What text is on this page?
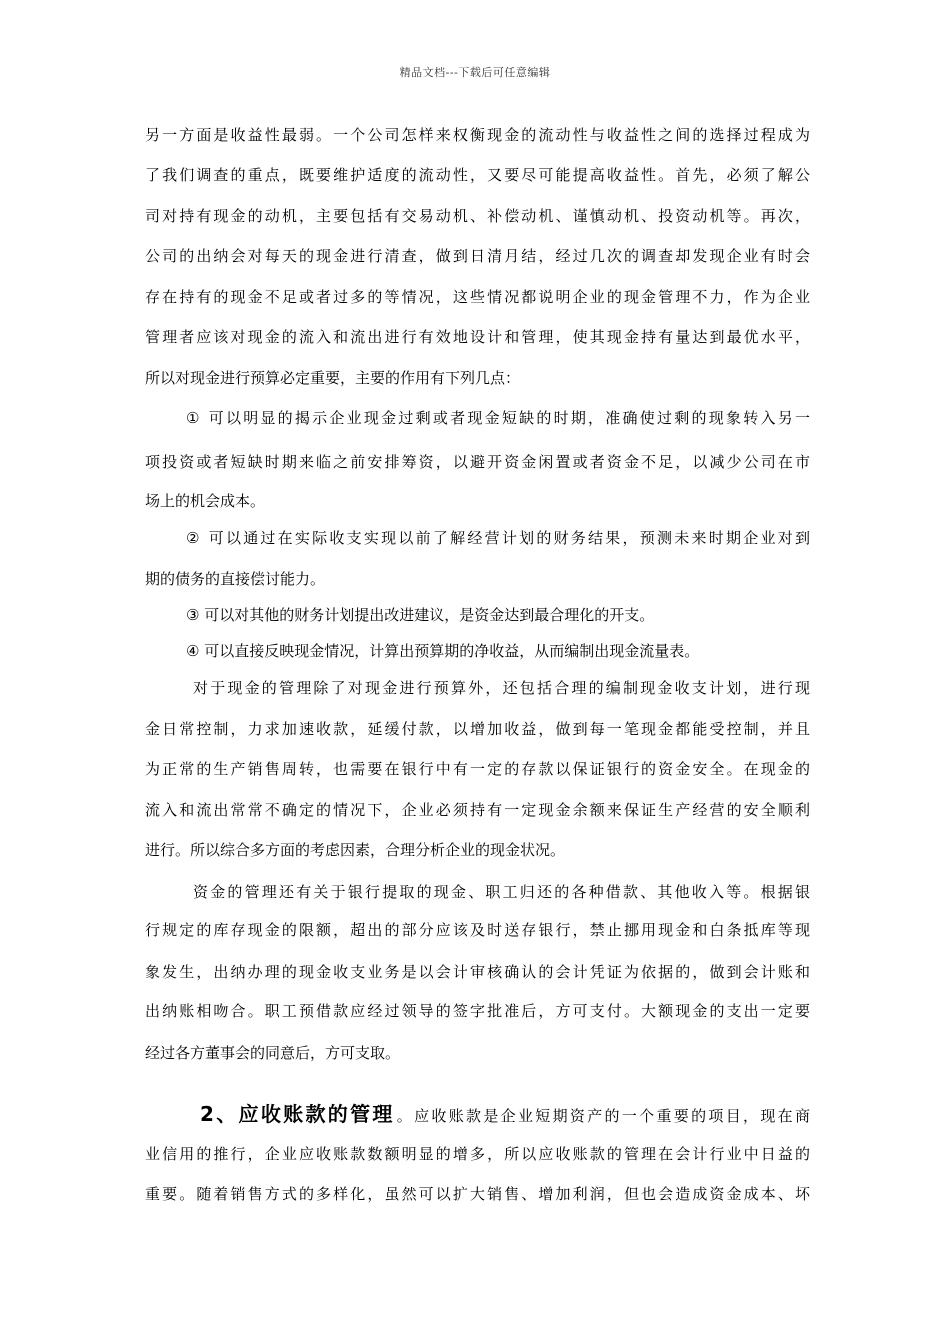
精品文档---下载后可任意编辑
另一方面是收益性最弱。一个公司怎样来权衡现金的流动性与收益性之间的选择过程成为
了我们调查的重点，既要维护适度的流动性，又要尽可能提高收益性。首先，必须了解公
司对持有现金的动机，主要包括有交易动机、补偿动机、谨慎动机、投资动机等。再次，
公司的出纳会对每天的现金进行清查，做到日清月结，经过几次的调查却发现企业有时会
存在持有的现金不足或者过多的等情况，这些情况都说明企业的现金管理不力，作为企业
管理者应该对现金的流入和流出进行有效地设计和管理，使其现金持有量达到最优水平，
所以对现金进行预算必定重要，主要的作用有下列几点：
① 可以明显的揭示企业现金过剩或者现金短缺的时期，准确使过剩的现象转入另一
项投资或者短缺时期来临之前安排筹资，以避开资金闲置或者资金不足，以减少公司在市
场上的机会成本。
② 可以通过在实际收支实现以前了解经营计划的财务结果，预测未来时期企业对到
期的债务的直接偿讨能力。
③ 可以对其他的财务计划提出改进建议，是资金达到最合理化的开支。
④ 可以直接反映现金情况，计算出预算期的净收益，从而编制出现金流量表。
对于现金的管理除了对现金进行预算外，还包括合理的编制现金收支计划，进行现
金日常控制，力求加速收款，延缓付款，以增加收益，做到每一笔现金都能受控制，并且
为正常的生产销售周转，也需要在银行中有一定的存款以保证银行的资金安全。在现金的
流入和流出常常不确定的情况下，企业必须持有一定现金余额来保证生产经营的安全顺利
进行。所以综合多方面的考虑因素，合理分析企业的现金状况。
资金的管理还有关于银行提取的现金、职工归还的各种借款、其他收入等。根据银
行规定的库存现金的限额，超出的部分应该及时送存银行，禁止挪用现金和白条抵库等现
象发生，出纳办理的现金收支业务是以会计审核确认的会计凭证为依据的，做到会计账和
出纳账相吻合。职工预借款应经过领导的签字批准后，方可支付。大额现金的支出一定要
经过各方董事会的同意后，方可支取。
2、应收账款的管理 。应收账款是企业短期资产的一个重要的项目，现在商
业信用的推行，企业应收账款数额明显的增多，所以应收账款的管理在会计行业中日益的
重要。随着销售方式的多样化，虽然可以扩大销售、增加利润，但也会造成资金成本、坏
